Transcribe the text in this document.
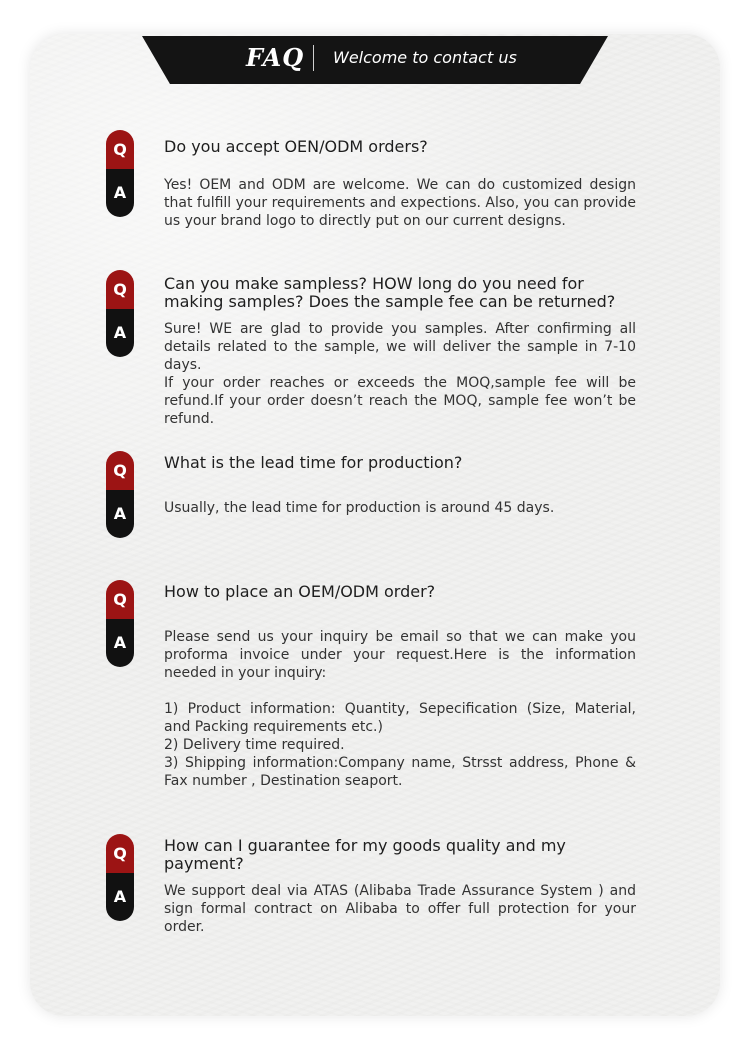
FAQ Welcome to contact us
Q
A
Do you accept OEN/ODM orders?
Yes! OEM and ODM are welcome. We can do customized design that fulfill your requirements and expections. Also, you can provide us your brand logo to directly put on our current designs.
Q
A
Can you make sampless? HOW long do you need for making samples? Does the sample fee can be returned?
Sure! WE are glad to provide you samples. After confirming all details related to the sample, we will deliver the sample in 7-10 days.
If your order reaches or exceeds the MOQ,sample fee will be refund.If your order doesn’t reach the MOQ, sample fee won’t be refund.
Q
A
What is the lead time for production?
Usually, the lead time for production is around 45 days.
Q
A
How to place an OEM/ODM order?
Please send us your inquiry be email so that we can make you proforma invoice under your request.Here is the information needed in your inquiry:

1) Product information: Quantity, Sepecification (Size, Material, and Packing requirements etc.)
2) Delivery time required.
3) Shipping information:Company name, Strsst address, Phone & Fax number , Destination seaport.
Q
A
How can I guarantee for my goods quality and my payment?
We support deal via ATAS (Alibaba Trade Assurance System ) and sign formal contract on Alibaba to offer full protection for your order.
